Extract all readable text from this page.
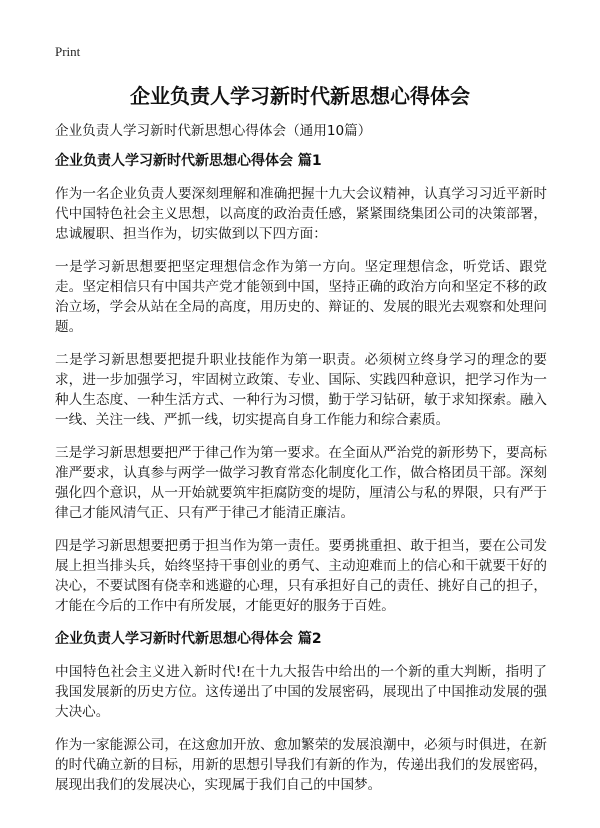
Print
企业负责人学习新时代新思想心得体会

企业负责人学习新时代新思想心得体会（通用10篇）

企业负责人学习新时代新思想心得体会 篇1

作为一名企业负责人要深刻理解和准确把握十九大会议精神，认真学习习近平新时代中国特色社会主义思想，以高度的政治责任感，紧紧围绕集团公司的决策部署，忠诚履职、担当作为，切实做到以下四方面：

一是学习新思想要把坚定理想信念作为第一方向。坚定理想信念，听党话、跟党走。坚定相信只有中国共产党才能领到中国，坚持正确的政治方向和坚定不移的政治立场，学会从站在全局的高度，用历史的、辩证的、发展的眼光去观察和处理问题。

二是学习新思想要把提升职业技能作为第一职责。必须树立终身学习的理念的要求，进一步加强学习，牢固树立政策、专业、国际、实践四种意识，把学习作为一种人生态度、一种生活方式、一种行为习惯，勤于学习钻研，敏于求知探索。融入一线、关注一线、严抓一线，切实提高自身工作能力和综合素质。

三是学习新思想要把严于律己作为第一要求。在全面从严治党的新形势下，要高标准严要求，认真参与两学一做学习教育常态化制度化工作，做合格团员干部。深刻强化四个意识，从一开始就要筑牢拒腐防变的堤防，厘清公与私的界限，只有严于律己才能风清气正、只有严于律己才能清正廉洁。

四是学习新思想要把勇于担当作为第一责任。要勇挑重担、敢于担当，要在公司发展上担当排头兵，始终坚持干事创业的勇气、主动迎难而上的信心和干就要干好的决心，不要试图有侥幸和逃避的心理，只有承担好自己的责任、挑好自己的担子，才能在今后的工作中有所发展，才能更好的服务于百姓。

企业负责人学习新时代新思想心得体会 篇2

中国特色社会主义进入新时代!在十九大报告中给出的一个新的重大判断，指明了我国发展新的历史方位。这传递出了中国的发展密码，展现出了中国推动发展的强大决心。

作为一家能源公司，在这愈加开放、愈加繁荣的发展浪潮中，必须与时俱进，在新的时代确立新的目标，用新的思想引导我们有新的作为，传递出我们的发展密码，展现出我们的发展决心，实现属于我们自己的中国梦。
